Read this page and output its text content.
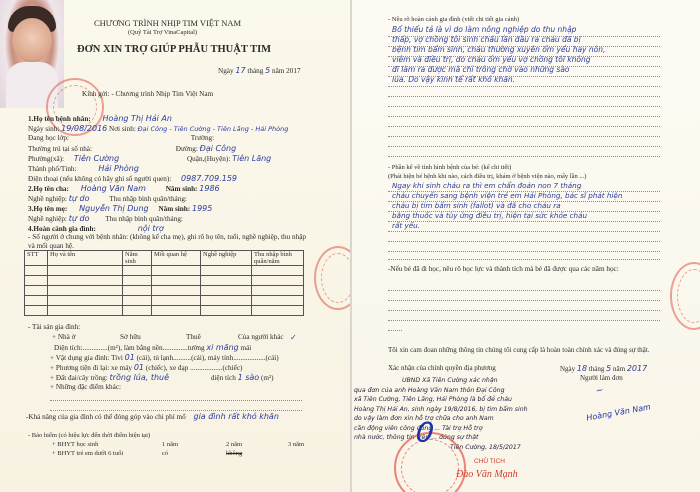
CHƯƠNG TRÌNH NHỊP TIM VIỆT NAM
(Quỹ Tài Trợ VinaCapital)
ĐƠN XIN TRỢ GIÚP PHẪU THUẬT TIM
Ngày 17 tháng 5 năm 2017
Kính gởi: - Chương trình Nhịp Tim Việt Nam
1.Họ tên bệnh nhân: Hoàng Thị Hải An
Ngày sinh: 19/08/2016 Nơi sinh: Đại Công - Tiên Cường - Tiên Lãng - Hải Phòng
Đang học lớp:	Trường:
Thường trú tại số nhà:	Đường: Đại Công
Phường(xã): Tiên Cường	Quận,(Huyện): Tiên Lãng
Thành phố/Tỉnh:	Hải Phòng
Điện thoại (nếu không có hãy ghi số người quen): 0987.709.159
2.Họ tên cha: Hoàng Văn Nam	Năm sinh: 1986
Nghề nghiệp: tự do	Thu nhập bình quân/tháng:
3.Họ tên mẹ: Nguyễn Thị Dung Năm sinh: 1995
Nghề nghiệp: tự do Thu nhập bình quân/tháng:
4.Hoàn cảnh gia đình:	nội trợ
- Số người ở chung với bệnh nhân: (không kể cha mẹ), ghi rõ họ tên, tuổi, nghề nghiệp, thu nhập và mối quan hệ.
STT	Họ và tên	Năm sinh	Mối quan hệ	Nghề nghiệp	Thu nhập bình quân/năm

- Tài sản gia đình:
+ Nhà ở	Sở hữu	Thuê	Của người khác ✓
Diện tích:..............(m²), làm bằng nền..............tường xi măng mái
+ Vật dụng gia đình: Tivi 01 (cái), tủ lạnh..........(cái), máy tính..................(cái)
+ Phương tiện đi lại: xe máy 01 (chiếc), xe đạp ..................(chiếc)
+ Đất đai/cây trồng: trồng lúa, thuê	diện tích 1 sào (m²)
+ Những đặc điểm khác:
-Khả năng của gia đình có thể đóng góp vào chi phí mổ gia đình rất khó khăn
- Bảo hiểm (có hiệu lực đến thời điểm hiện tại)
+ BHYT học sinh	1 năm	2 năm	3 năm
+ BHYT trẻ em dưới 6 tuổi	có	không
- Nêu rõ hoàn cảnh gia đình (viết chi tiết gia cảnh)
Bố thiếu tả là vì do làm nông nghiệp do thu nhập
thấp, vợ chồng tôi sinh cháu lần đầu ra cháu đã bị
bệnh tim bẩm sinh, cháu thường xuyên ốm yếu hay nôn,
viêm và điều trị, do cháu ốm yếu vợ chồng tôi không
đi làm ra được mà chỉ trông chờ vào những sào
lúa. Do vậy kinh tế rất khó khăn.
- Phần kể về tình hình bệnh của bé: (kể chi tiết)
(Phát hiện bé bệnh khi nào, cách điều trị, khám ở bệnh viện nào, mấy lần ...)
Ngay khi sinh cháu ra thì em chẩn đoán non 7 tháng
cháu chuyển sang bệnh viện trẻ em Hải Phòng, bác sĩ phát hiện
cháu bị tim bẩm sinh (fallot) và đã cho cháu ra
bằng thuốc và tùy ứng điều trị, hiện tại sức khỏe cháu
rất yếu.
-Nếu bé đã đi học, nêu rõ học lực và thành tích mà bé đã được qua các năm học:
Tôi xin cam đoan những thông tin chúng tôi cung cấp là hoàn toàn chính xác và đúng sự thật.
Xác nhận của chính quyền địa phương	Ngày 18 tháng 5 năm 2017
Người làm đơn
~
Hoàng Văn Nam
UBND Xã Tiên Cường xác nhận
qua đơn của anh Hoàng Văn Nam thôn Đại Công
xã Tiên Cường, Tiên Lãng, Hải Phòng là bố đẻ cháu
Hoàng Thị Hải An, sinh ngày 19/8/2016, bị tim bẩm sinh
do vậy làm đơn xin hỗ trợ chữa cho anh Nam
cần động viên công đồng ... Tài trợ Hỗ trợ
nhà nước, thông tin trên ... đúng sự thật
Tiên Cường, 18/5/2017
0
CHỦ TỊCH
Đào Văn Mạnh
